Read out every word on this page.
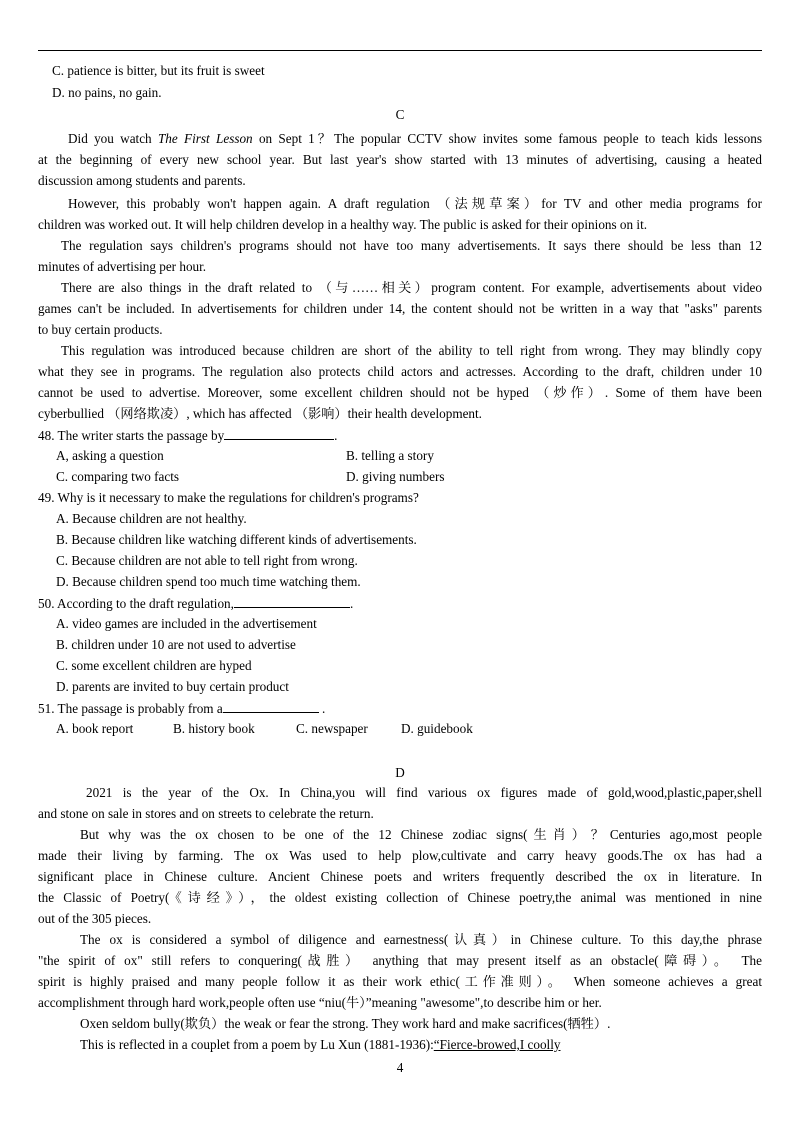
C. patience is bitter, but its fruit is sweet
D. no pains, no gain.
C
Did you watch The First Lesson on Sept 1？The popular CCTV show invites some famous people to teach kids lessons
at the beginning of every new school year. But last year's show started with 13 minutes of advertising, causing a heated
discussion among students and parents.
However, this probably won't happen again. A draft regulation （法规草案）for TV and other media programs for
children was worked out. It will help children develop in a healthy way. The public is asked for their opinions on it.
The regulation says children's programs should not have too many advertisements. It says there should be less than 12
minutes of advertising per hour.
There are also things in the draft related to （与……相关）program content. For example, advertisements about video
games can't be included. In advertisements for children under 14, the content should not be written in a way that "asks" parents
to buy certain products.
This regulation was introduced because children are short of the ability to tell right from wrong. They may blindly copy
what they see in programs. The regulation also protects child actors and actresses. According to the draft, children under 10
cannot be used to advertise. Moreover, some excellent children should not be hyped （炒作）. Some of them have been
cyberbullied （网络欺凌）, which has affected （影响）their health development.
48. The writer starts the passage by	.
A, asking a question	B. telling a story
C. comparing two facts	D. giving numbers
49. Why is it necessary to make the regulations for children's programs?
A. Because children are not healthy.
B. Because children like watching different kinds of advertisements.
C. Because children are not able to tell right from wrong.
D. Because children spend too much time watching them.
50. According to the draft regulation,	.
A. video games are included in the advertisement
B. children under 10 are not used to advertise
C. some excellent children are hyped
D. parents are invited to buy certain product
51. The passage is probably from a	.
A. book report	B. history book	C. newspaper	D. guidebook
D
2021 is the year of the Ox. In China,you will find various ox figures made of gold,wood,plastic,paper,shell
and stone on sale in stores and on streets to celebrate the return.
But why was the ox chosen to be one of the 12 Chinese zodiac signs(生肖）？Centuries ago,most people
made their living by farming. The ox Was used to help plow,cultivate and carry heavy goods.The ox has had a
significant place in Chinese culture. Ancient Chinese poets and writers frequently described the ox in literature. In
the Classic of Poetry(《诗经》），the oldest existing collection of Chinese poetry,the animal was mentioned in nine
out of the 305 pieces.
The ox is considered a symbol of diligence and earnestness(认真）in Chinese culture. To this day,the phrase
"the spirit of ox" still refers to conquering(战胜） anything that may present itself as an obstacle(障碍）。 The
spirit is highly praised and many people follow it as their work ethic(工作准则）。 When someone achieves a great
accomplishment through hard work,people often use “niu(牛）”meaning "awesome",to describe him or her.
Oxen seldom bully(欺负）the weak or fear the strong. They work hard and make sacrifices(牺牲）.
This is reflected in a couplet from a poem by Lu Xun (1881-1936):“Fierce-browed,I coolly
4
